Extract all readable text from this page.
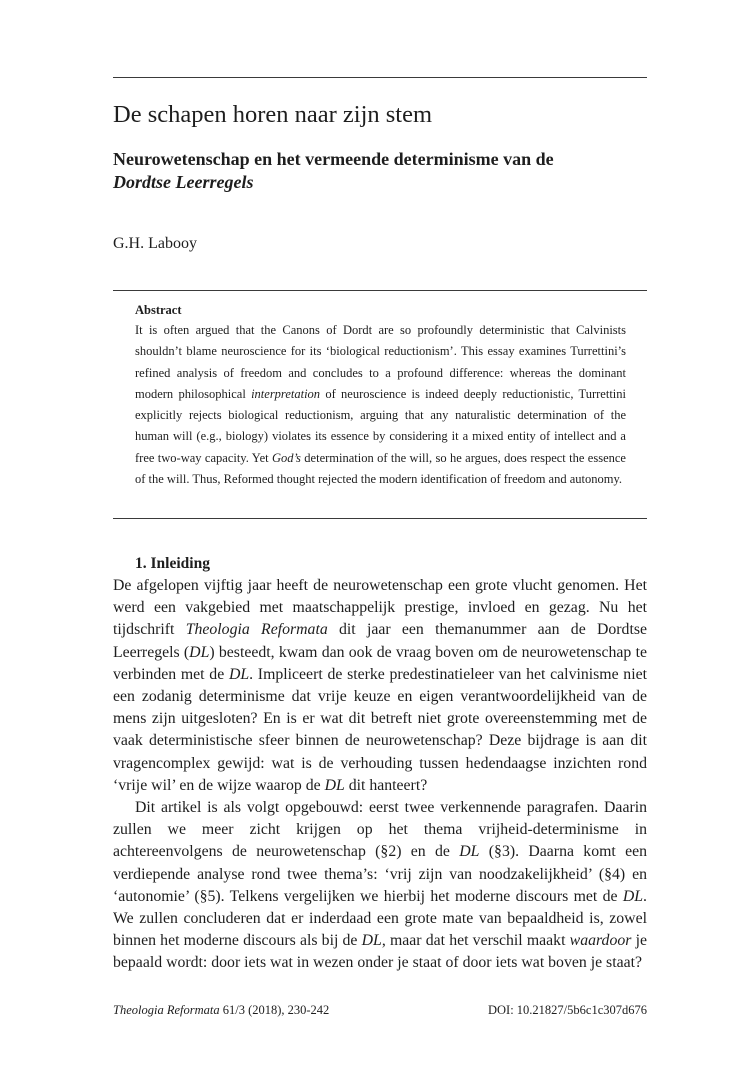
De schapen horen naar zijn stem
Neurowetenschap en het vermeende determinisme van de
Dordtse Leerregels

G.H. Labooy

Abstract

It is often argued that the Canons of Dordt are so profoundly deterministic that Calvinists shouldn’t blame neuroscience for its ‘biological reductionism’. This essay examines Turrettini’s refined analysis of freedom and concludes to a profound difference: whereas the dominant modern philosophical interpretation of neuroscience is indeed deeply reductionistic, Turrettini explicitly rejects biological reductionism, arguing that any naturalistic determination of the human will (e.g., biology) violates its essence by considering it a mixed entity of intellect and a free two-way capacity. Yet God’s determination of the will, so he argues, does respect the essence of the will. Thus, Reformed thought rejected the modern identification of freedom and autonomy.

1. Inleiding

De afgelopen vijftig jaar heeft de neurowetenschap een grote vlucht genomen. Het werd een vakgebied met maatschappelijk prestige, invloed en gezag. Nu het tijdschrift Theologia Reformata dit jaar een themanummer aan de Dordtse Leerregels (DL) besteedt, kwam dan ook de vraag boven om de neurowetenschap te verbinden met de DL. Impliceert de sterke predestinatieleer van het calvinisme niet een zodanig determinisme dat vrije keuze en eigen verantwoordelijkheid van de mens zijn uitgesloten? En is er wat dit betreft niet grote overeenstemming met de vaak deterministische sfeer binnen de neurowetenschap? Deze bijdrage is aan dit vragencomplex gewijd: wat is de verhouding tussen hedendaagse inzichten rond ‘vrije wil’ en de wijze waarop de DL dit hanteert?

Dit artikel is als volgt opgebouwd: eerst twee verkennende paragrafen. Daarin zullen we meer zicht krijgen op het thema vrijheid-determinisme in achtereenvolgens de neurowetenschap (§2) en de DL (§3). Daarna komt een verdiepende analyse rond twee thema’s: ‘vrij zijn van noodzakelijkheid’ (§4) en ‘autonomie’ (§5). Telkens vergelijken we hierbij het moderne discours met de DL. We zullen concluderen dat er inderdaad een grote mate van bepaaldheid is, zowel binnen het moderne discours als bij de DL, maar dat het verschil maakt waardoor je bepaald wordt: door iets wat in wezen onder je staat of door iets wat boven je staat?

Theologia Reformata 61/3 (2018), 230-242	DOI: 10.21827/5b6c1c307d676
